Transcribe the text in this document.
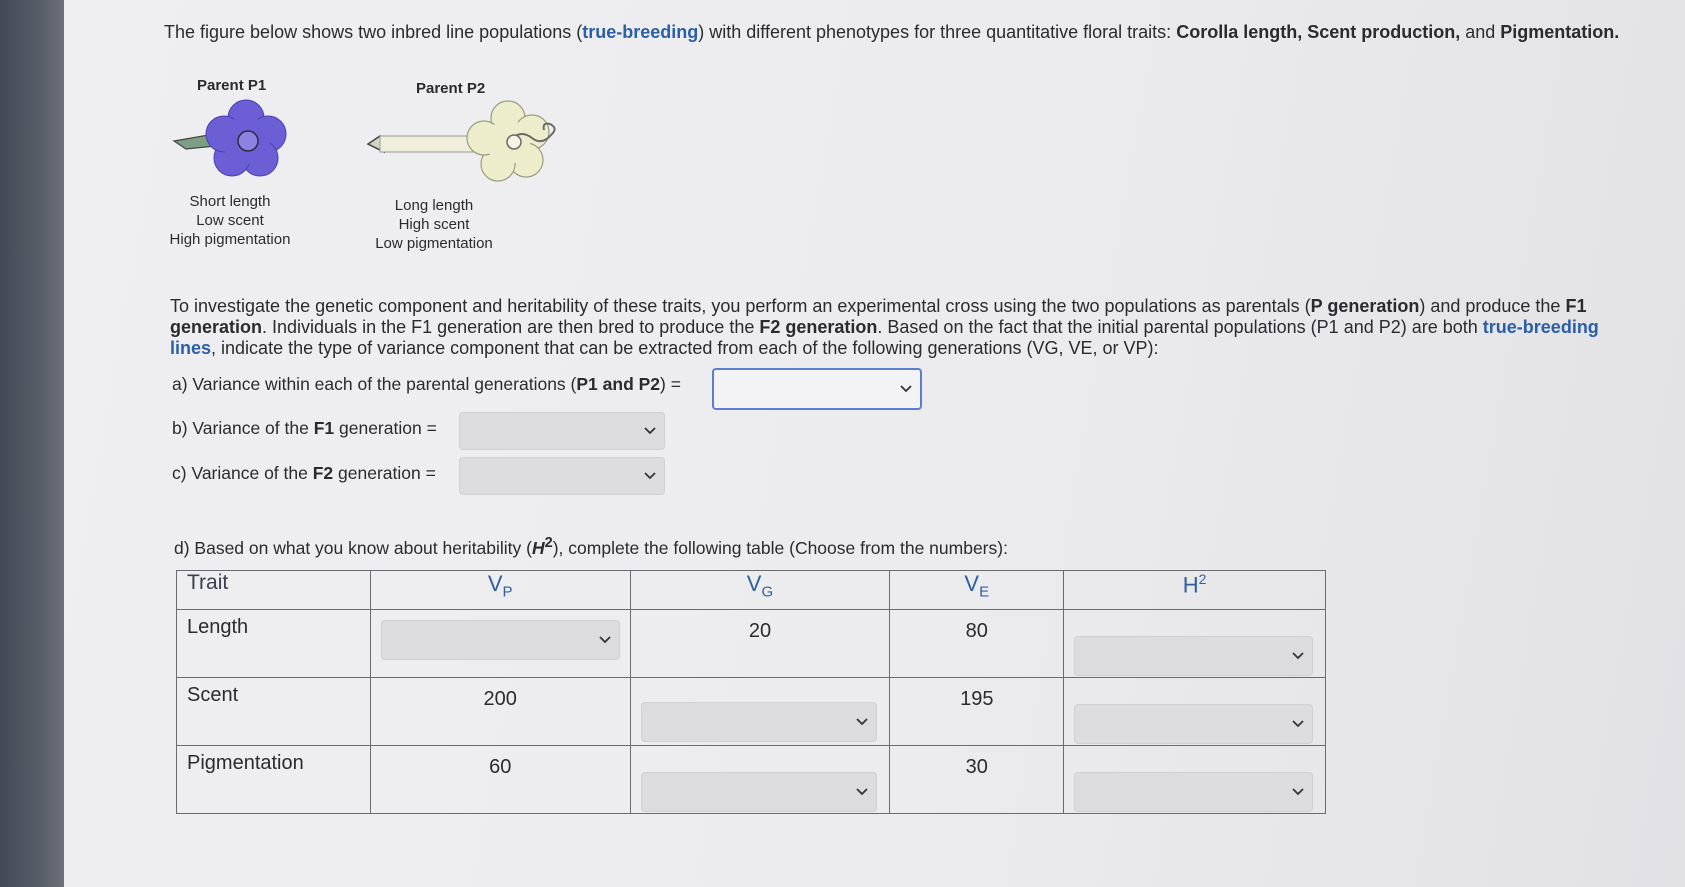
The figure below shows two inbred line populations (true-breeding) with different phenotypes for three quantitative floral traits: Corolla length, Scent production, and Pigmentation.
Parent P1
Short length
Low scent
High pigmentation
Parent P2
Long length
High scent
Low pigmentation
To investigate the genetic component and heritability of these traits, you perform an experimental cross using the two populations as parentals (P generation) and produce the F1 generation. Individuals in the F1 generation are then bred to produce the F2 generation. Based on the fact that the initial parental populations (P1 and P2) are both true-breeding lines, indicate the type of variance component that can be extracted from each of the following generations (VG, VE, or VP):
a) Variance within each of the parental generations (P1 and P2) =
b) Variance of the F1 generation =
c) Variance of the F2 generation =
d) Based on what you know about heritability $(H^2)$, complete the following table (Choose from the numbers):
Trait	$V_P$	$V_G$	$V_E$	$H^2$

Length		20	80

Scent	200		195

Pigmentation	60		30
